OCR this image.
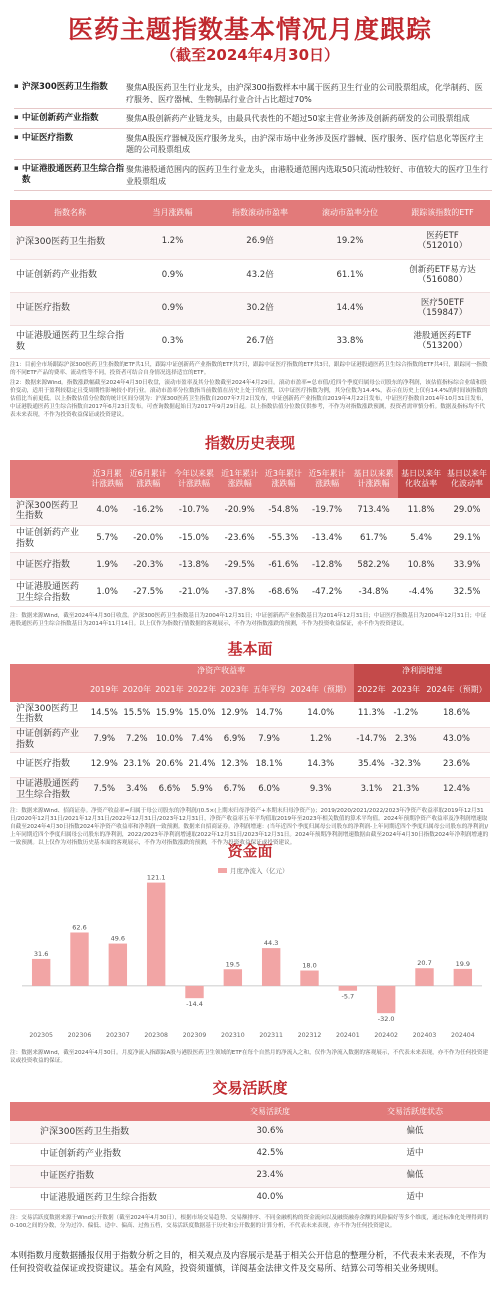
医药主题指数基本情况月度跟踪
（截至2024年4月30日）
▪ 沪深300医药卫生指数	聚焦A股医药卫生行业龙头，由沪深300指数样本中属于医药卫生行业的公司股票组成，化学制药、医疗服务、医疗器械、生物制品行业合计占比超过70%
▪ 中证创新药产业指数	聚焦A股创新药产业链龙头，由最具代表性的不超过50家主营业务涉及创新药研发的公司股票组成
▪ 中证医疗指数	聚焦A股医疗器械及医疗服务龙头，由沪深市场中业务涉及医疗器械、医疗服务、医疗信息化等医疗主题的公司股票组成
▪ 中证港股通医药卫生综合指数
聚焦港股通范围内的医药卫生行业龙头，由港股通范围内选取50只流动性较好、市值较大的医疗卫生行业股票组成
指数名称	当月涨跌幅	指数滚动市盈率	滚动市盈率分位	跟踪该指数的ETF
沪深300医药卫生指数	1.2%	26.9倍	19.2%	医药ETF
（512010）
中证创新药产业指数	0.9%	43.2倍	61.1%	创新药ETF易方达
（516080）
中证医疗指数	0.9%	30.2倍	14.4%	医疗50ETF
（159847）
中证港股通医药卫生综合指数	0.3%	26.7倍	33.8%	港股通医药ETF
（513200）
注1：目前全市场跟踪沪深300医药卫生指数的ETF共1只，跟踪中证创新药产业指数的ETF共7只，跟踪中证医疗指数的ETF共3只，跟踪中证港股通医药卫生综合指数的ETF共4只，跟踪同一指数的不同ETF产品的费率、流动性等不同，投资者可结合自身情况选择适宜的ETF。
注2：数据来源Wind。指数涨跌幅截至2024年4月30日收盘，滚动市盈率及其分位数截至2024年4月29日。滚动市盈率=总市值/近四个季度归属母公司股东的净利润，该估值指标综合业绩和股价变动，适用于盈利较稳定且受周期性影响较小的行业。滚动市盈率分位数指当前数值在历史上处于的位置，以中证医疗指数为例，其分位数为14.4%，表示在历史上仅有14.4%的时间该指数的估值比当前更低。以上指数估值分位数的统计区间分别为：沪深300医药卫生指数自2007年7月2日发布，中证创新药产业指数自2019年4月22日发布，中证医疗指数自2014年10月31日发布，中证港股通医药卫生综合指数自2017年6月23日发布。可查询数据起始日为2017年9月29日起。以上指数估值分位数仅供参考，不作为对指数涨跌预测，投资者需审慎分析。数据及指标均不代表未来表现，不作为投资收益保证或投资建议。
指数历史表现
	近3月累计涨跌幅	近6月累计涨跌幅	今年以来累计涨跌幅	近1年累计涨跌幅	近3年累计涨跌幅	近5年累计涨跌幅	基日以来累计涨跌幅	基日以来年化收益率	基日以来年化波动率
沪深300医药卫生指数	4.0%	-16.2%	-10.7%	-20.9%	-54.8%	-19.7%	713.4%	11.8%	29.0%
中证创新药产业指数	5.7%	-20.0%	-15.0%	-23.6%	-55.3%	-13.4%	61.7%	5.4%	29.1%
中证医疗指数	1.9%	-20.3%	-13.8%	-29.5%	-61.6%	-12.8%	582.2%	10.8%	33.9%
中证港股通医药卫生综合指数	1.0%	-27.5%	-21.0%	-37.8%	-68.6%	-47.2%	-34.8%	-4.4%	32.5%
注：数据来源Wind，截至2024年4月30日收盘。沪深300医药卫生指数基日为2004年12月31日；中证创新药产业指数基日为2014年12月31日；中证医疗指数基日为2004年12月31日；中证港股通医药卫生综合指数基日为2014年11月14日。以上仅作为指数行情数据的客观展示，不作为对指数涨跌的预测，不作为投资收益保证，亦不作为投资建议。
基本面
	净资产收益率							净利润增速		
	2019年	2020年	2021年	2022年	2023年	五年平均	2024年（预期）	2022年	2023年	2024年（预期）
沪深300医药卫生指数	14.5%	15.5%	15.9%	15.0%	12.9%	14.7%	14.0%	11.3%	-1.2%	18.6%
中证创新药产业指数	7.9%	7.2%	10.0%	7.4%	6.9%	7.9%	1.2%	-14.7%	2.3%	43.0%
中证医疗指数	12.9%	23.1%	20.6%	21.4%	12.3%	18.1%	14.3%	35.4%	-32.3%	23.6%
中证港股通医药卫生综合指数	7.5%	3.4%	6.6%	5.9%	6.7%	6.0%	9.3%	3.1%	21.3%	12.4%
注：数据来源Wind、招商证券。净资产收益率=归属于母公司股东的净利润/(0.5×(上期末归母净资产+本期末归母净资产))；2019/2020/2021/2022/2023年净资产收益率取2019年12月31日/2020年12月31日/2021年12月31日/2022年12月31日/2023年12月31日，净资产收益率五年平均值取2019年至2023年相关数值的算术平均值。2024年预期净资产收益率及净利润增速取自截至2024年4月30日指数2024年净资产收益率和净利润一致预测。数据来自招商证券。净利润增速：(当年近四个季度归属母公司股东的净利润-上年同期近四个季度归属母公司股东的净利润)/上年同期近四个季度归属母公司股东的净利润，2022/2023年净利润增速取2022年12月31日/2023年12月31日。2024年预期净利润增速数据由截至2024年4月30日指数2024年净利润增速的一致预测。以上仅作为对指数历史基本面的客观展示，不作为对指数涨跌的预测，不作为投资收益保证或投资建议。
资金面
月度净流入（亿元）
31.6
202305
62.6
202306
49.6
202307
121.1
202308
-14.4
202309
19.5
202310
44.3
202311
18.0
202312
-5.7
202401
-32.0
202402
20.7
202403
19.9
202404
注：数据来源Wind，截至2024年4月30日。月度净流入指跟踪A股与港股医药卫生领域的ETF在每个自然月的净流入之和，仅作为净流入数据的客观展示，不代表未来表现，亦不作为任何投资建议或投资收益的保证。
交易活跃度
	交易活跃度	交易活跃度状态
沪深300医药卫生指数	30.6%	偏低
中证创新药产业指数	42.5%	适中
中证医疗指数	23.4%	偏低
中证港股通医药卫生综合指数	40.0%	适中
注：交易活跃度数据来源于Wind公开数据（截至2024年4月30日），根据市场交易趋势、交易额排序、不同金融机构的资金流向以及融资融券余额的风险偏好等多个维度，通过标准化处理得到的0-100之间的分数，分为过冷、偏低、适中、偏高、过热五档，交易活跃度数据基于历史和公开数据的计算分析，不代表未来表现，亦不作为任何投资建议。
本则指数月度数据播报仅用于指数分析之目的，相关观点及内容展示是基于相关公开信息的整理分析，不代表未来表现，不作为任何投资收益保证或投资建议。基金有风险，投资须谨慎，详阅基金法律文件及交易所、结算公司等相关业务规则。
